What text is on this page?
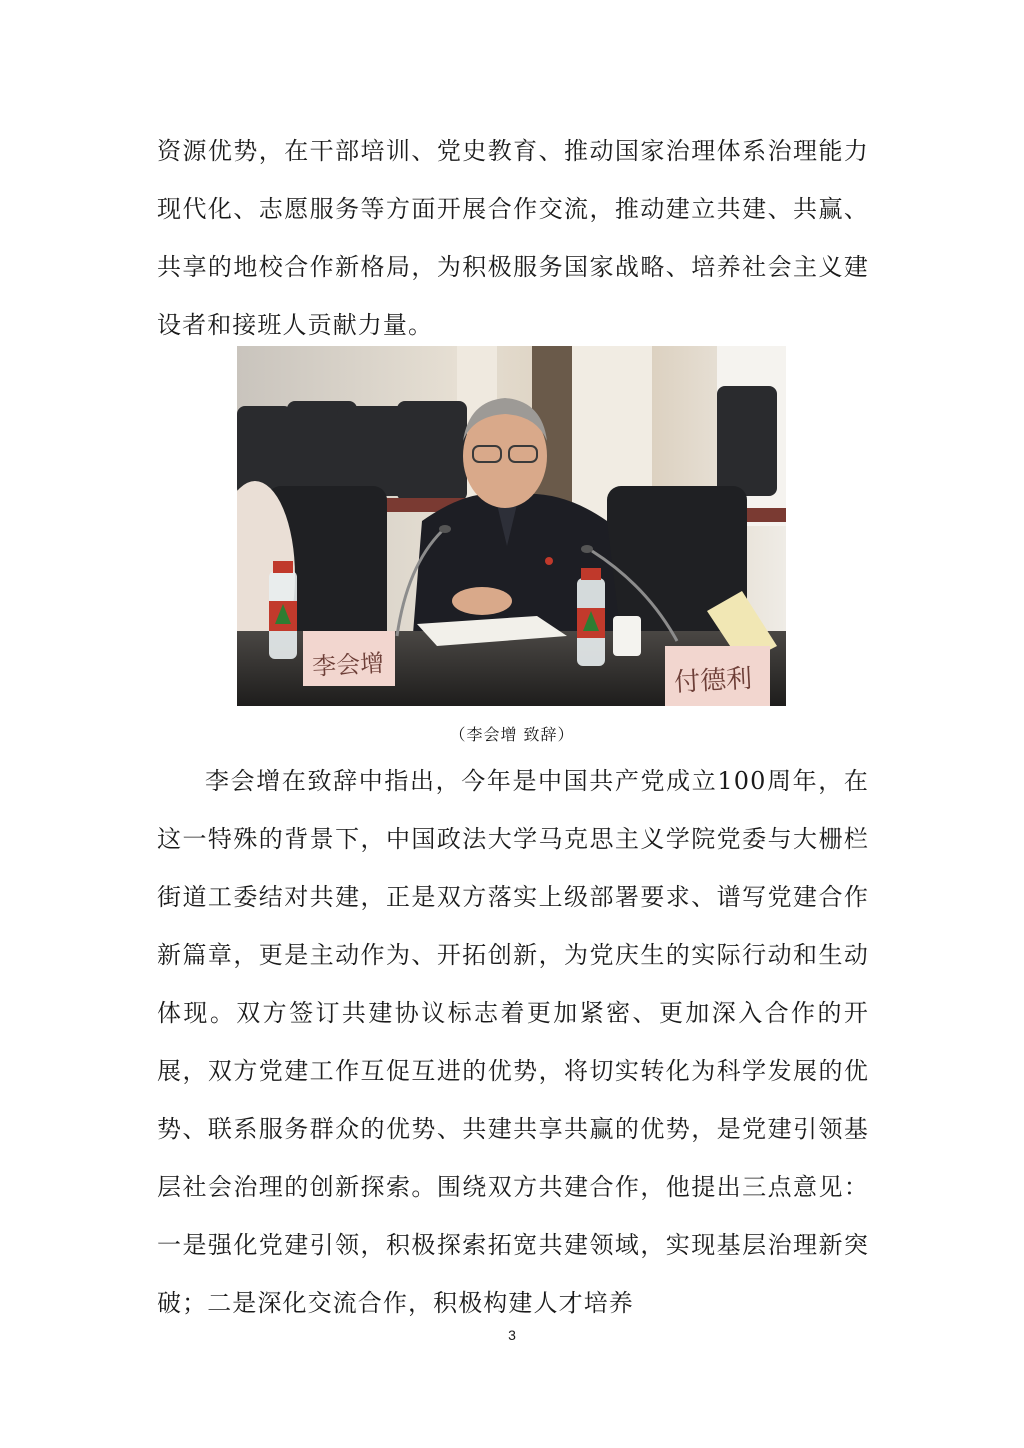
资源优势，在干部培训、党史教育、推动国家治理体系治理能力现代化、志愿服务等方面开展合作交流，推动建立共建、共赢、共享的地校合作新格局，为积极服务国家战略、培养社会主义建设者和接班人贡献力量。

李会增	付德利
（李会增 致辞）

李会增在致辞中指出，今年是中国共产党成立100周年，在这一特殊的背景下，中国政法大学马克思主义学院党委与大栅栏街道工委结对共建，正是双方落实上级部署要求、谱写党建合作新篇章，更是主动作为、开拓创新，为党庆生的实际行动和生动体现。双方签订共建协议标志着更加紧密、更加深入合作的开展，双方党建工作互促互进的优势，将切实转化为科学发展的优势、联系服务群众的优势、共建共享共赢的优势，是党建引领基层社会治理的创新探索。围绕双方共建合作，他提出三点意见：一是强化党建引领，积极探索拓宽共建领域，实现基层治理新突破；二是深化交流合作，积极构建人才培养

3
